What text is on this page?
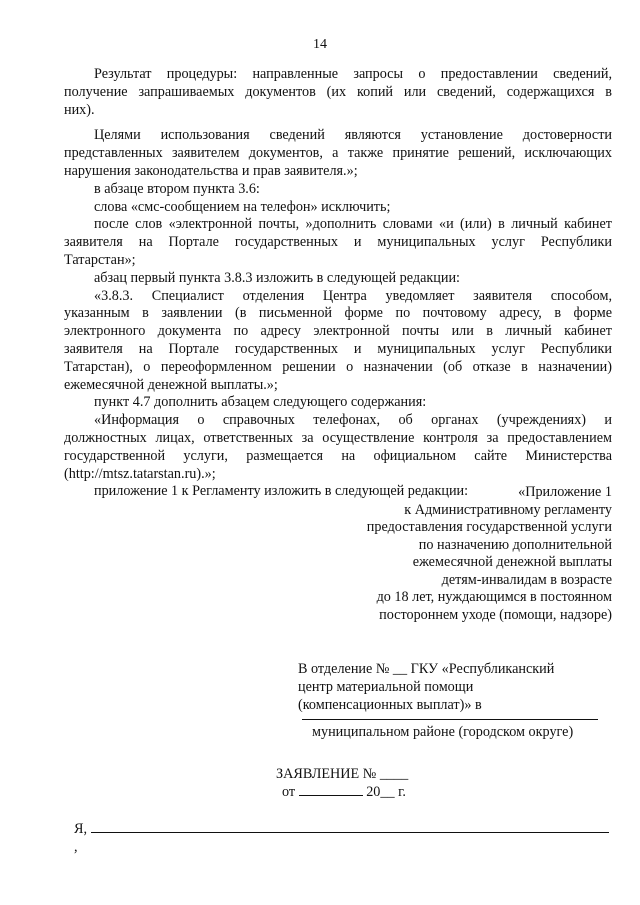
14
Результат процедуры: направленные запросы о предоставлении сведений,
получение запрашиваемых документов (их копий или сведений, содержащихся в
них).
Целями использования сведений являются установление достоверности
представленных заявителем документов, а также принятие решений, исключающих
нарушения законодательства и прав заявителя.»;
в абзаце втором пункта 3.6:
слова «смс-сообщением на телефон» исключить;
после слов «электронной почты, »дополнить словами «и (или) в личный кабинет
заявителя на Портале государственных и муниципальных услуг Республики
Татарстан»;
абзац первый пункта 3.8.3 изложить в следующей редакции:
«3.8.3. Специалист отделения Центра уведомляет заявителя способом,
указанным в заявлении (в письменной форме по почтовому адресу, в форме
электронного документа по адресу электронной почты или в личный кабинет
заявителя на Портале государственных и муниципальных услуг Республики
Татарстан), о переоформленном решении о назначении (об отказе в назначении)
ежемесячной денежной выплаты.»;
пункт 4.7 дополнить абзацем следующего содержания:
«Информация о справочных телефонах, об органах (учреждениях) и
должностных лицах, ответственных за осуществление контроля за предоставлением
государственной услуги, размещается на официальном сайте Министерства
(http://mtsz.tatarstan.ru).»;
приложение 1 к Регламенту изложить в следующей редакции:	«Приложение 1
к Административному регламенту
предоставления государственной услуги
по назначению дополнительной
ежемесячной денежной выплаты
детям-инвалидам в возрасте
до 18 лет, нуждающимся в постоянном
постороннем уходе (помощи, надзоре)
В отделение № __ ГКУ «Республиканский
центр материальной помощи
(компенсационных выплат)» в
муниципальном районе (городском округе)
ЗАЯВЛЕНИЕ № ____
от	20__ г.
Я,  ,
